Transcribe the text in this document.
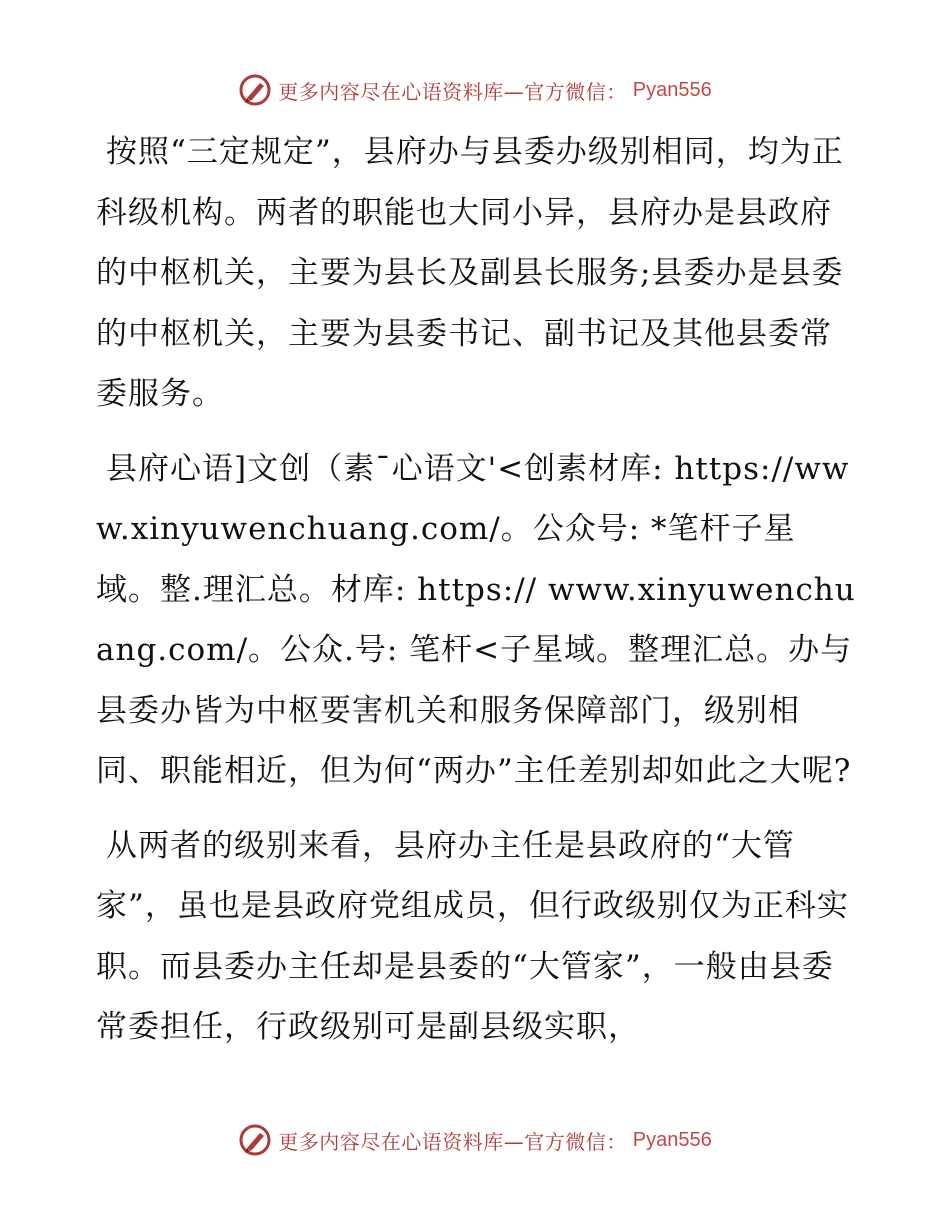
更多内容尽在心语资料库—官方微信： Pyan556

按照“三定规定”，县府办与县委办级别相同，均为正科级机构。两者的职能也大同小异，县府办是县政府的中枢机关，主要为县长及副县长服务;县委办是县委的中枢机关，主要为县委书记、副书记及其他县委常委服务。

县府心语]文创（素¯心语文'<创素材库: https://www.xinyuwenchuang.com/。公众号: *笔杆子星域。整.理汇总。材库: https:// www.xinyuwenchuang.com/。公众.号: 笔杆<子星域。整理汇总。办与县委办皆为中枢要害机关和服务保障部门，级别相同、职能相近，但为何“两办”主任差别却如此之大呢?

从两者的级别来看，县府办主任是县政府的“大管家”，虽也是县政府党组成员，但行政级别仅为正科实职。而县委办主任却是县委的“大管家”，一般由县委常委担任，行政级别可是副县级实职，

更多内容尽在心语资料库—官方微信： Pyan556
